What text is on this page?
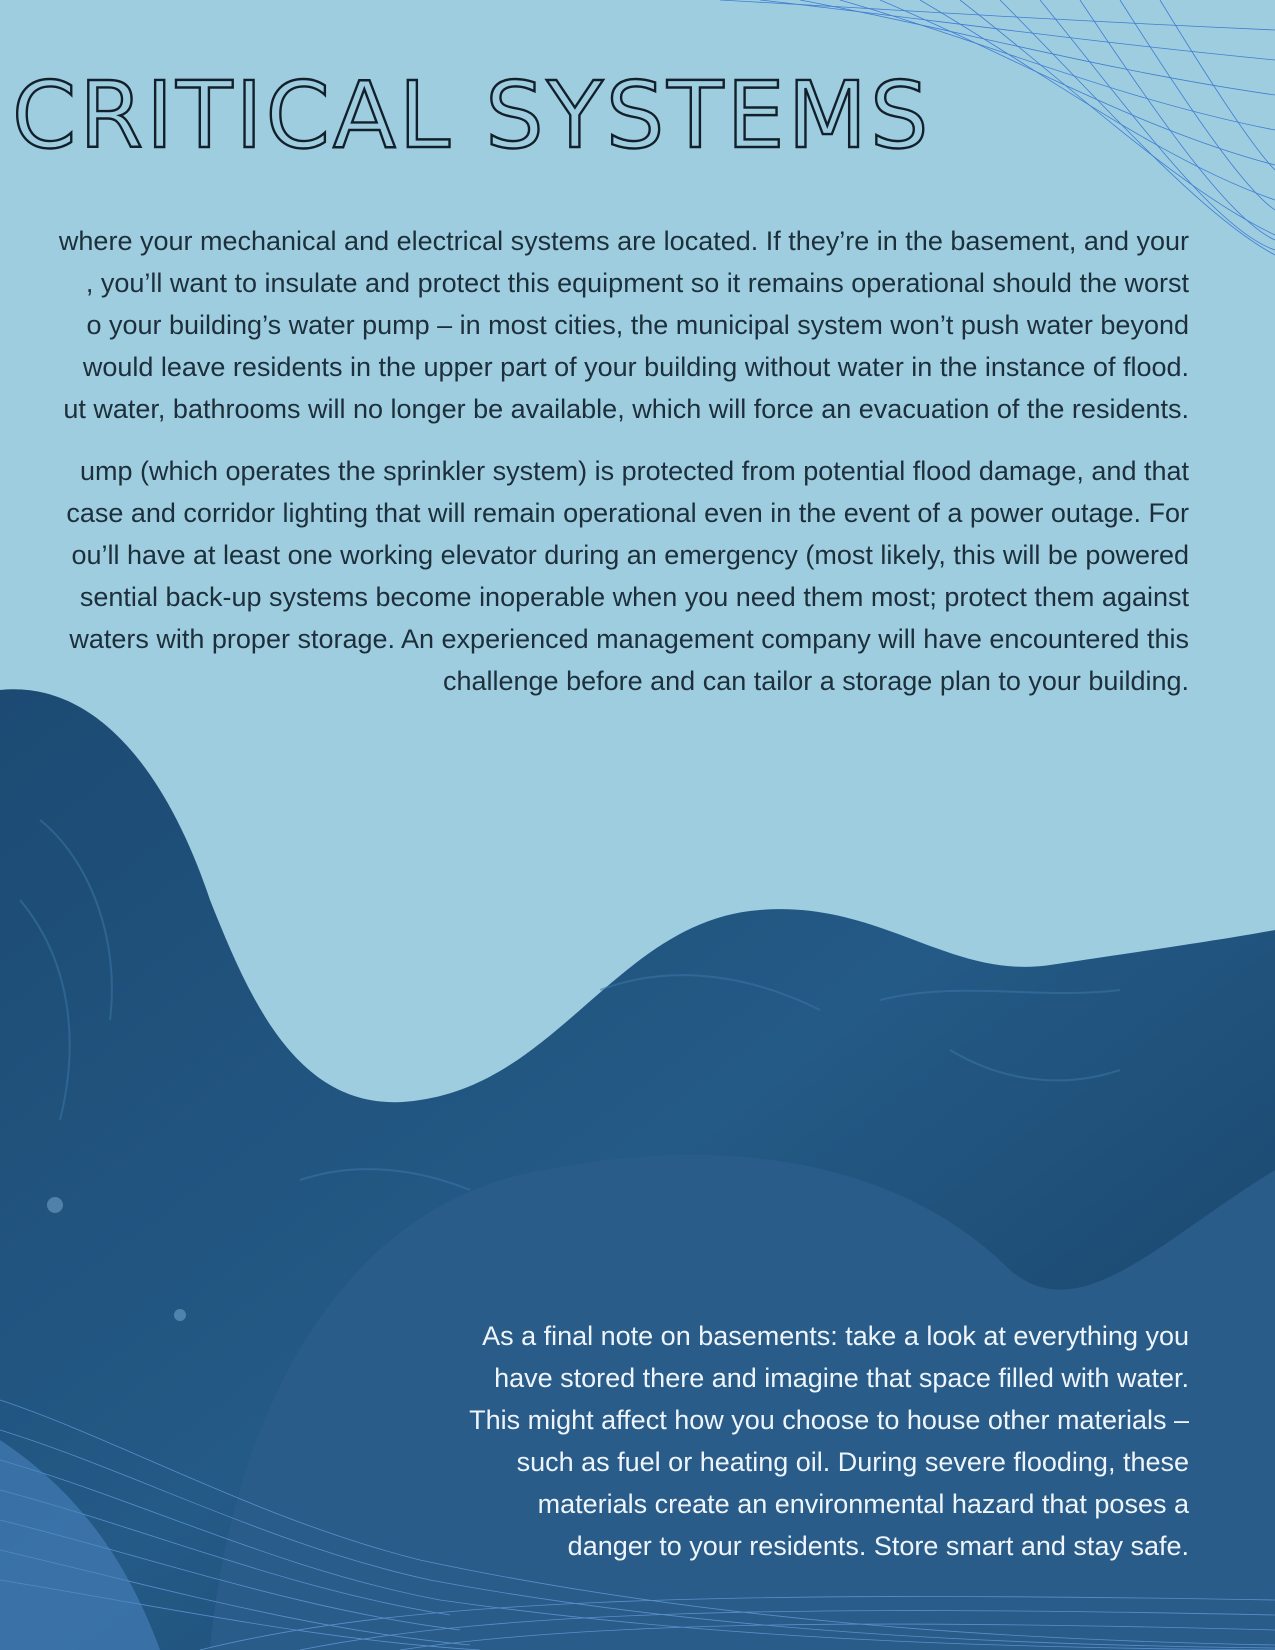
CRITICAL SYSTEMS

where your mechanical and electrical systems are located. If they’re in the basement, and your
, you’ll want to insulate and protect this equipment so it remains operational should the worst
o your building’s water pump – in most cities, the municipal system won’t push water beyond
would leave residents in the upper part of your building without water in the instance of flood.
ut water, bathrooms will no longer be available, which will force an evacuation of the residents.

ump (which operates the sprinkler system) is protected from potential flood damage, and that
case and corridor lighting that will remain operational even in the event of a power outage. For
ou’ll have at least one working elevator during an emergency (most likely, this will be powered
sential back-up systems become inoperable when you need them most; protect them against
waters with proper storage. An experienced management company will have encountered this
challenge before and can tailor a storage plan to your building.

As a final note on basements: take a look at everything you
have stored there and imagine that space filled with water.
This might affect how you choose to house other materials –
such as fuel or heating oil. During severe flooding, these
materials create an environmental hazard that poses a
danger to your residents. Store smart and stay safe.
